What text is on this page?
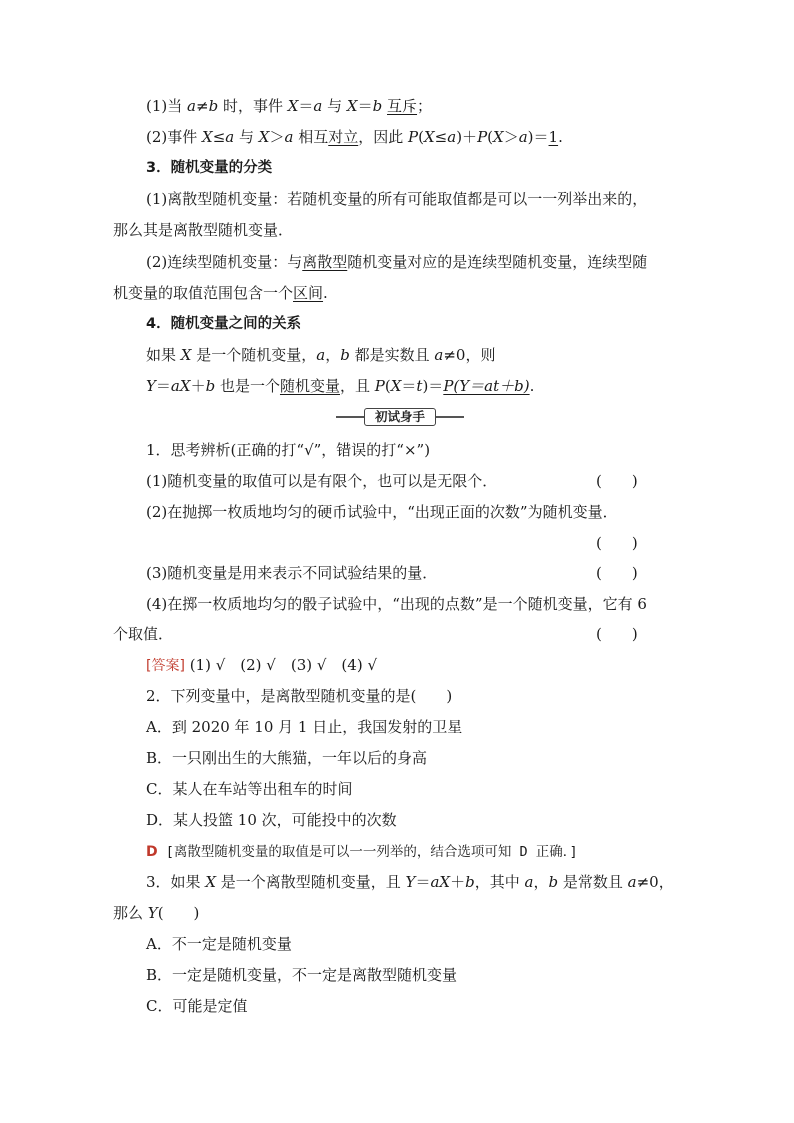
(1)当 a≠b 时，事件 X＝a 与 X＝b 互斥；
(2)事件 X≤a 与 X＞a 相互对立，因此 P(X≤a)＋P(X＞a)＝1.
3．随机变量的分类
(1)离散型随机变量：若随机变量的所有可能取值都是可以一一列举出来的，
那么其是离散型随机变量．
(2)连续型随机变量：与离散型随机变量对应的是连续型随机变量，连续型随
机变量的取值范围包含一个区间.
4．随机变量之间的关系
如果 X 是一个随机变量，a，b 都是实数且 a≠0，则
Y＝aX＋b 也是一个随机变量，且 P(X＝t)＝P(Y＝at＋b).
初试身手
1．思考辨析(正确的打“√”，错误的打“×”)
(1)随机变量的取值可以是有限个，也可以是无限个．	(　　)
(2)在抛掷一枚质地均匀的硬币试验中，“出现正面的次数”为随机变量．
(　　)
(3)随机变量是用来表示不同试验结果的量．	(　　)
(4)在掷一枚质地均匀的骰子试验中，“出现的点数”是一个随机变量，它有 6
个取值．	(　　)
[答案] (1) √　(2) √　(3) √　(4) √
2．下列变量中，是离散型随机变量的是(　　)
A．到 2020 年 10 月 1 日止，我国发射的卫星
B．一只刚出生的大熊猫，一年以后的身高
C．某人在车站等出租车的时间
D．某人投篮 10 次，可能投中的次数
D [离散型随机变量的取值是可以一一列举的，结合选项可知 D 正确．]
3．如果 X 是一个离散型随机变量，且 Y＝aX＋b，其中 a，b 是常数且 a≠0，
那么 Y(　　)
A．不一定是随机变量
B．一定是随机变量，不一定是离散型随机变量
C．可能是定值
